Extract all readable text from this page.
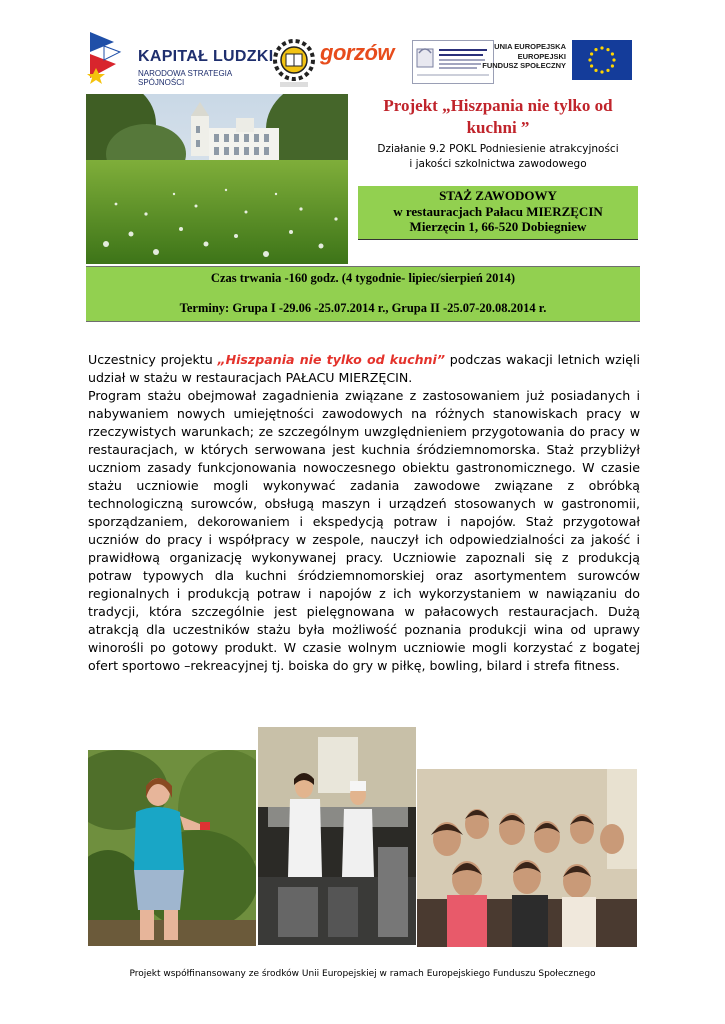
KAPITAŁ LUDZKI
NARODOWA STRATEGIA SPÓJNOŚCI
gorzów	UNIA EUROPEJSKA
EUROPEJSKI
FUNDUSZ SPOŁECZNY
Projekt „Hiszpania nie tylko od
kuchni ”
Działanie 9.2 POKL Podniesienie atrakcyjności
i jakości szkolnictwa zawodowego
STAŻ ZAWODOWY
w restauracjach Pałacu MIERZĘCIN
Mierzęcin 1, 66-520 Dobiegniew
Czas trwania -160 godz. (4 tygodnie- lipiec/sierpień 2014)
Terminy: Grupa I -29.06 -25.07.2014 r., Grupa II -25.07-20.08.2014 r.

Uczestnicy projektu „Hiszpania nie tylko od kuchni” podczas wakacji letnich wzięli udział w stażu w restauracjach PAŁACU MIERZĘCIN.

Program stażu obejmował zagadnienia związane z zastosowaniem już posiadanych i nabywaniem nowych umiejętności zawodowych na różnych stanowiskach pracy w rzeczywistych warunkach; ze szczególnym uwzględnieniem przygotowania do pracy w restauracjach, w których serwowana jest kuchnia śródziemnomorska. Staż przybliżył uczniom zasady funkcjonowania nowoczesnego obiektu gastronomicznego. W czasie stażu uczniowie mogli wykonywać zadania zawodowe związane z obróbką technologiczną surowców, obsługą maszyn i urządzeń stosowanych w gastronomii, sporządzaniem, dekorowaniem i ekspedycją potraw i napojów. Staż przygotował uczniów do pracy i współpracy w zespole, nauczył ich odpowiedzialności za jakość i prawidłową organizację wykonywanej pracy. Uczniowie zapoznali się z produkcją potraw typowych dla kuchni śródziemnomorskiej oraz asortymentem surowców regionalnych i produkcją potraw i napojów z ich wykorzystaniem w nawiązaniu do tradycji, która szczególnie jest pielęgnowana w pałacowych restauracjach. Dużą atrakcją dla uczestników stażu była możliwość poznania produkcji wina od uprawy winorośli po gotowy produkt. W czasie wolnym uczniowie mogli korzystać z bogatej ofert sportowo –rekreacyjnej tj. boiska do gry w piłkę, bowling, bilard i strefa fitness.

Projekt współfinansowany ze środków Unii Europejskiej w ramach Europejskiego Funduszu Społecznego
